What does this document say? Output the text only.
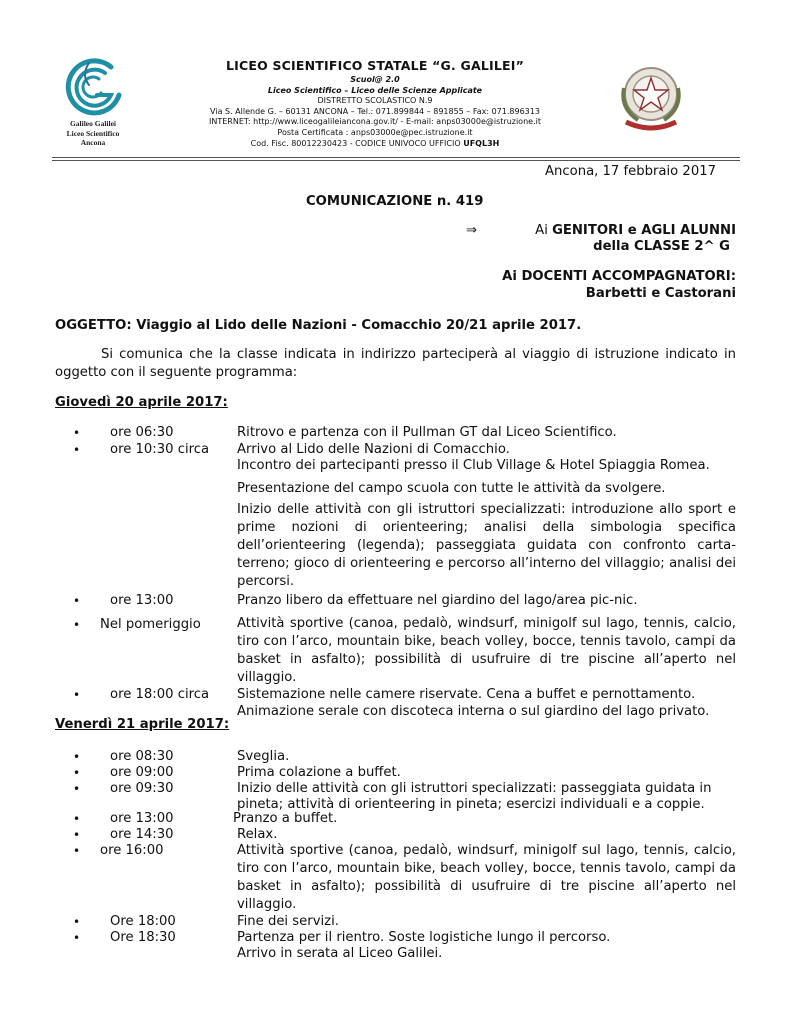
Galileo Galilei
Liceo Scientifico
Ancona
LICEO SCIENTIFICO STATALE “G. GALILEI”
Scuol@ 2.0
Liceo Scientifico – Liceo delle Scienze Applicate
DISTRETTO SCOLASTICO N.9
Via S. Allende G. – 60131 ANCONA – Tel.: 071.899844 – 891855 – Fax: 071.896313
INTERNET: http://www.liceogalileiancona.gov.it/ - E-mail: anps03000e@istruzione.it
Posta Certificata : anps03000e@pec.istruzione.it
Cod. Fisc. 80012230423 - CODICE UNIVOCO UFFICIO UFQL3H
Ancona, 17 febbraio 2017
COMUNICAZIONE n. 419
⇒	Ai GENITORI e AGLI ALUNNI
della CLASSE 2^ G
Ai DOCENTI ACCOMPAGNATORI:
Barbetti e Castorani
OGGETTO: Viaggio al Lido delle Nazioni - Comacchio 20/21 aprile 2017.
Si comunica che la classe indicata in indirizzo parteciperà al viaggio di istruzione indicato in oggetto con il seguente programma:
Giovedì 20 aprile 2017:
• ore 06:30	Ritrovo e partenza con il Pullman GT dal Liceo Scientifico.
• ore 10:30 circa Arrivo al Lido delle Nazioni di Comacchio.
Incontro dei partecipanti presso il Club Village & Hotel Spiaggia Romea.
Presentazione del campo scuola con tutte le attività da svolgere.
Inizio delle attività con gli istruttori specializzati: introduzione allo sport e prime nozioni di orienteering; analisi della simbologia specifica dell’orienteering (legenda); passeggiata guidata con confronto carta-terreno; gioco di orienteering e percorso all’interno del villaggio; analisi dei percorsi.
• ore 13:00	Pranzo libero da effettuare nel giardino del lago/area pic-nic.
• Nel pomeriggio	Attività sportive (canoa, pedalò, windsurf, minigolf sul lago, tennis, calcio, tiro con l’arco, mountain bike, beach volley, bocce, tennis tavolo, campi da basket in asfalto); possibilità di usufruire di tre piscine all’aperto nel villaggio.
• ore 18:00 circa Sistemazione nelle camere riservate. Cena a buffet e pernottamento.
Animazione serale con discoteca interna o sul giardino del lago privato.
Venerdì 21 aprile 2017:
• ore 08:30	Sveglia.
• ore 09:00	Prima colazione a buffet.
• ore 09:30	Inizio delle attività con gli istruttori specializzati: passeggiata guidata in
pineta; attività di orienteering in pineta; esercizi individuali e a coppie.
• ore 13:00	Pranzo a buffet.
• ore 14:30	Relax.
• ore 16:00	Attività sportive (canoa, pedalò, windsurf, minigolf sul lago, tennis, calcio, tiro con l’arco, mountain bike, beach volley, bocce, tennis tavolo, campi da basket in asfalto); possibilità di usufruire di tre piscine all’aperto nel villaggio.
• Ore 18:00	Fine dei servizi.
• Ore 18:30	Partenza per il rientro. Soste logistiche lungo il percorso.
Arrivo in serata al Liceo Galilei.
